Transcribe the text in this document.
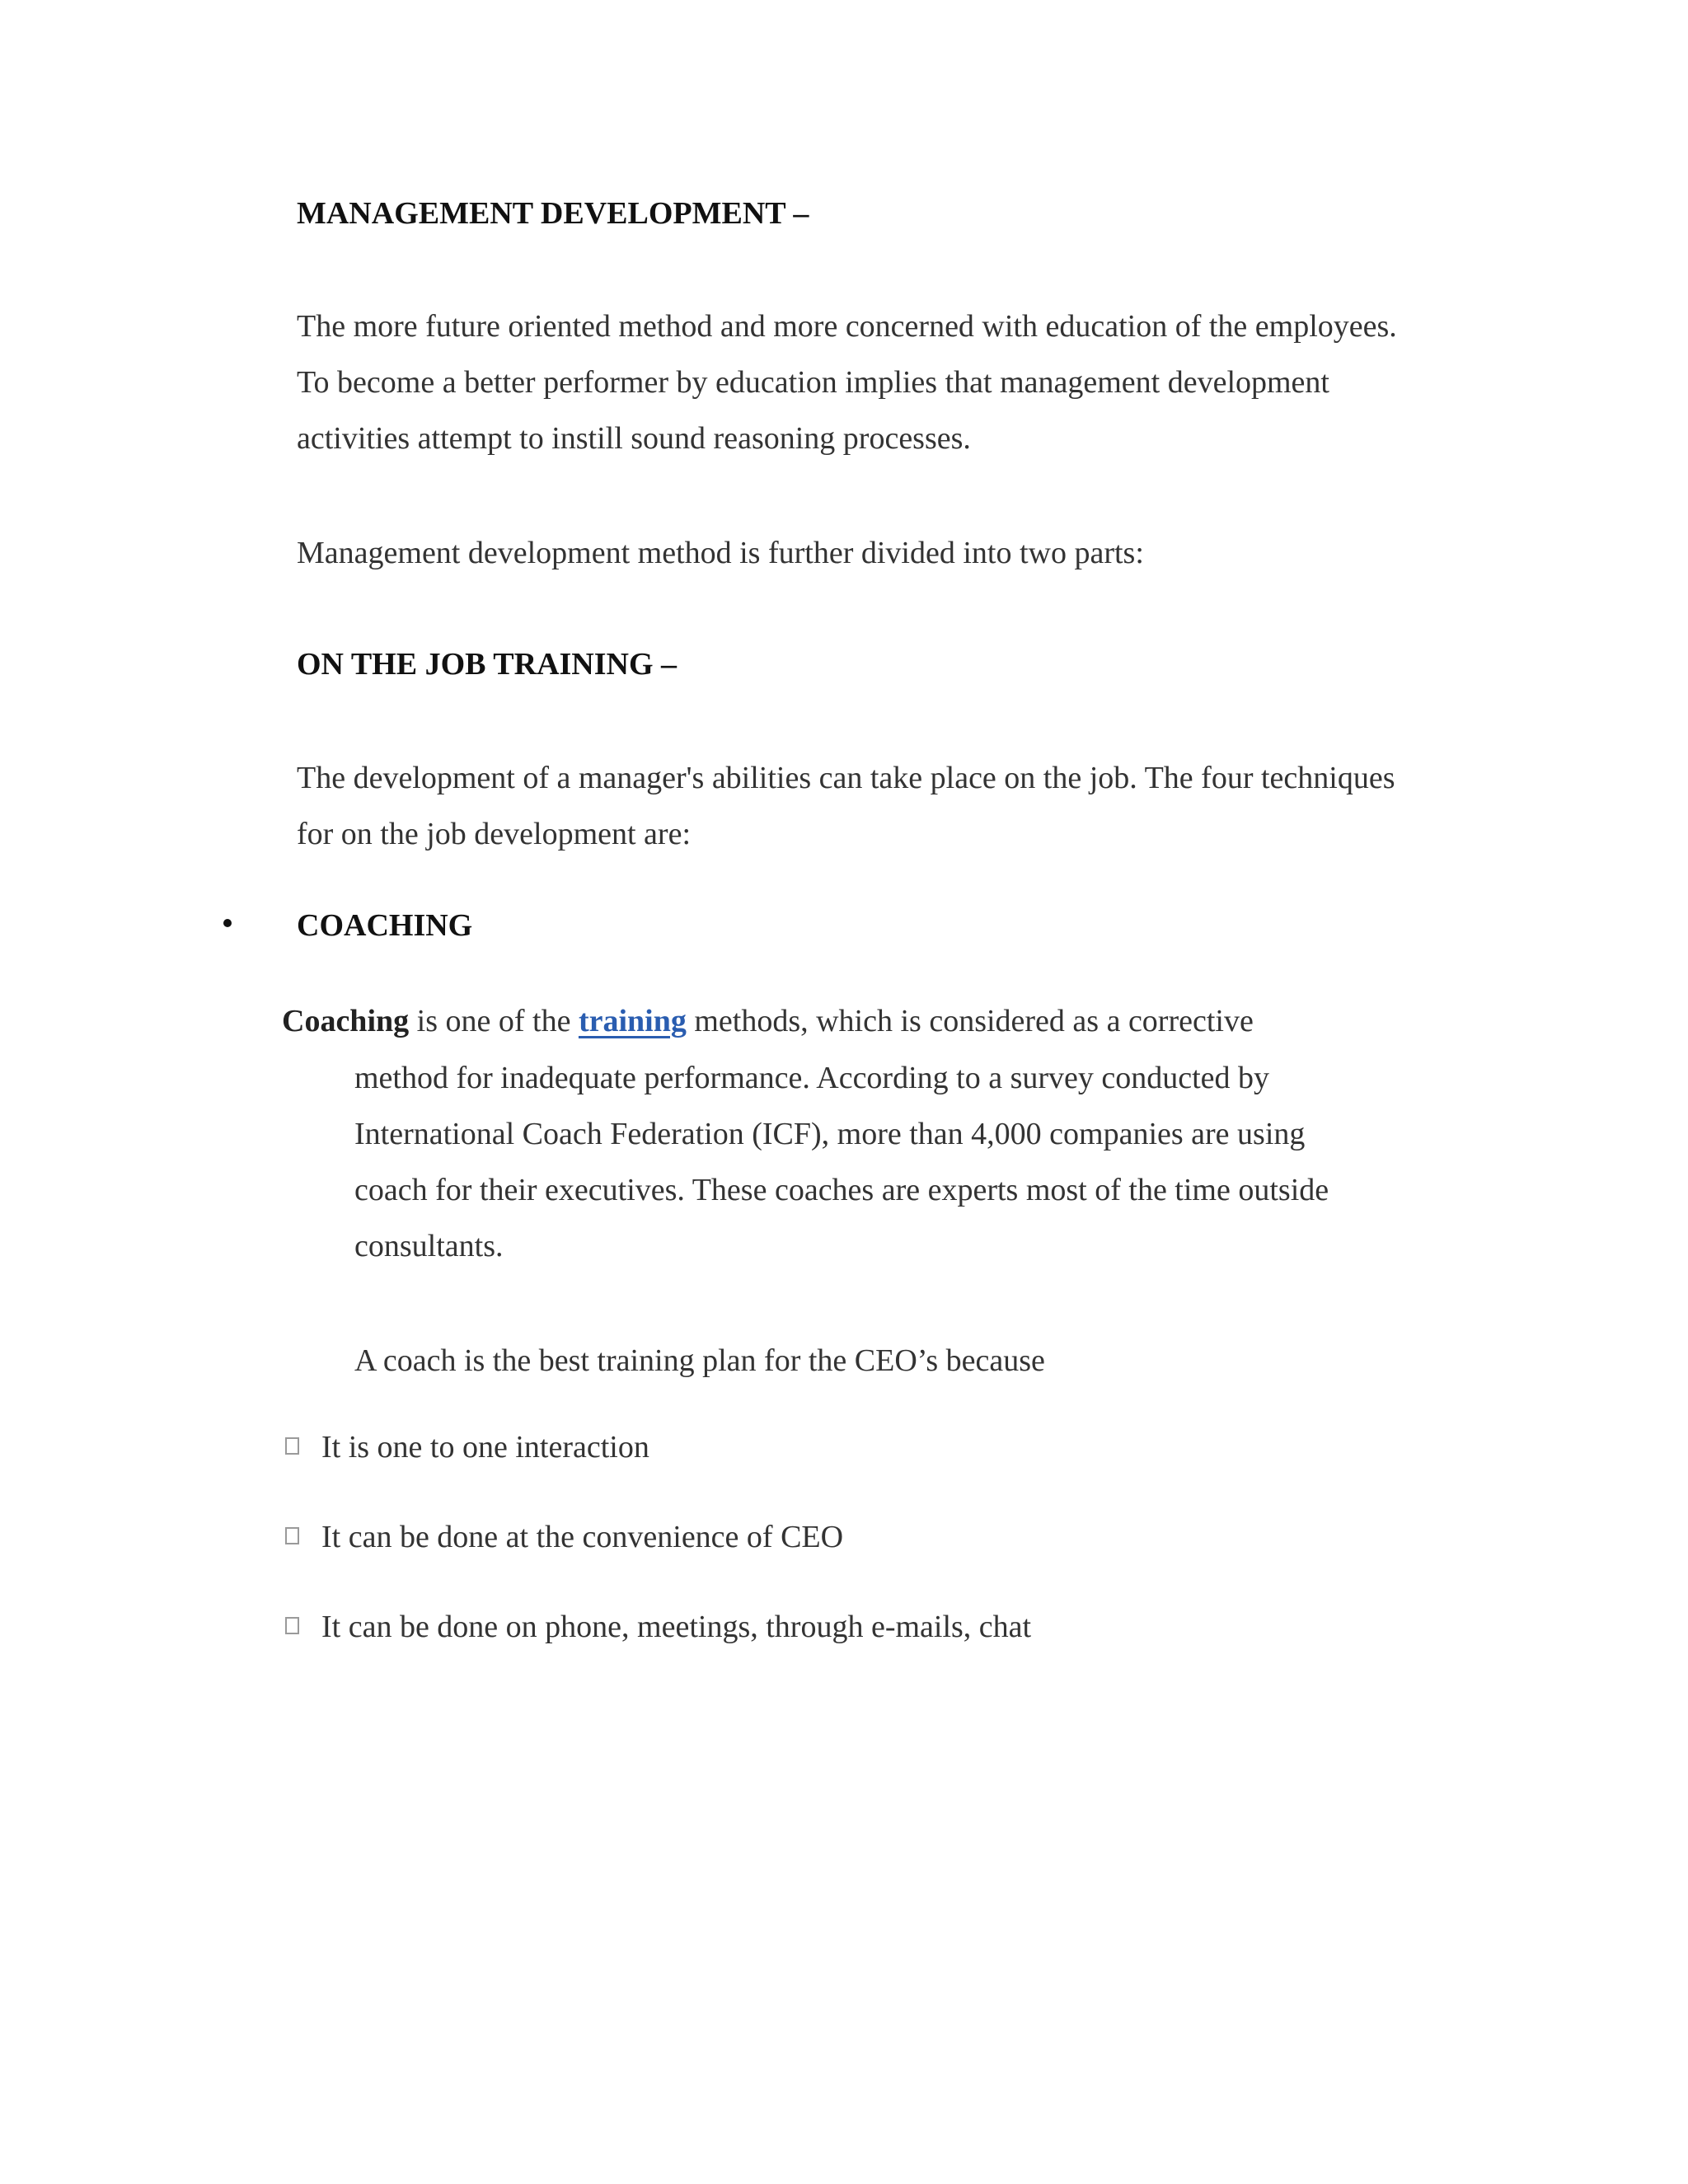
MANAGEMENT DEVELOPMENT –
The more future oriented method and more concerned with education of the employees.
To become a better performer by education implies that management development
activities attempt to instill sound reasoning processes.
Management development method is further divided into two parts:
ON THE JOB TRAINING –
The development of a manager's abilities can take place on the job. The four techniques
for on the job development are:
COACHING
Coaching is one of the training methods, which is considered as a corrective
method for inadequate performance. According to a survey conducted by
International Coach Federation (ICF), more than 4,000 companies are using
coach for their executives. These coaches are experts most of the time outside
consultants.
A coach is the best training plan for the CEO’s because
It is one to one interaction
It can be done at the convenience of CEO
It can be done on phone, meetings, through e-mails, chat
